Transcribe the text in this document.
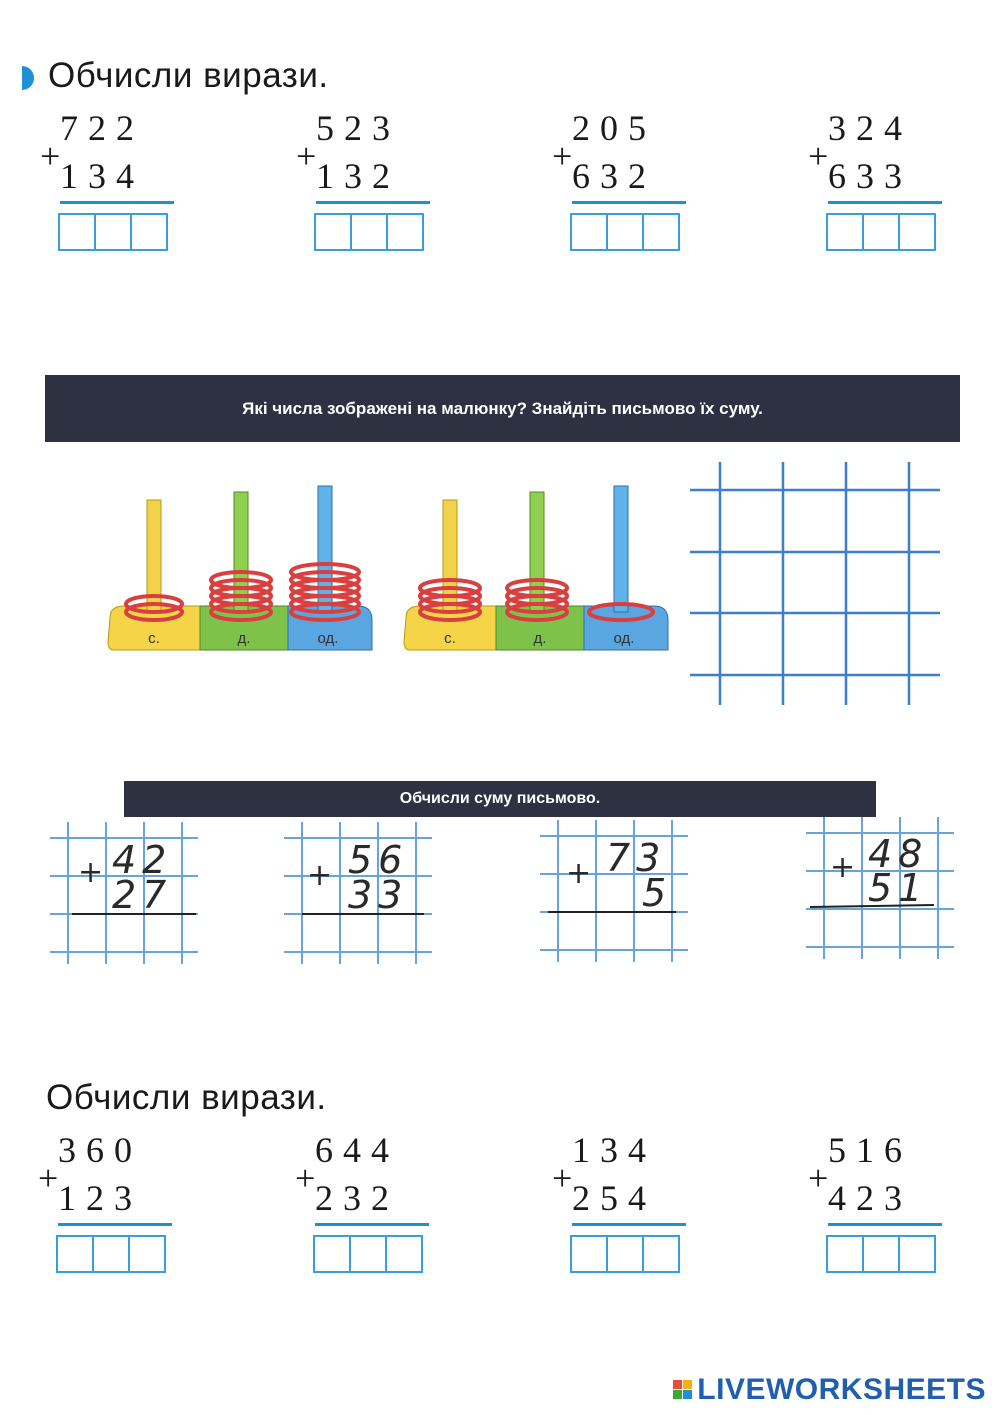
Обчисли вирази.
+
722
134	+
523
132	+
205
632	+
324
633
Які числа зображені на малюнку? Знайдіть письмово їх суму.
с.	д.	од.	с.	д.	од.
Обчисли суму письмово.
+ 42
27	+ 56
33	+ 73
5
+ 48
51
Обчисли вирази.
+
360
123	+
644
232	+
134
254	+
516
423
LIVEWORKSHEETS
